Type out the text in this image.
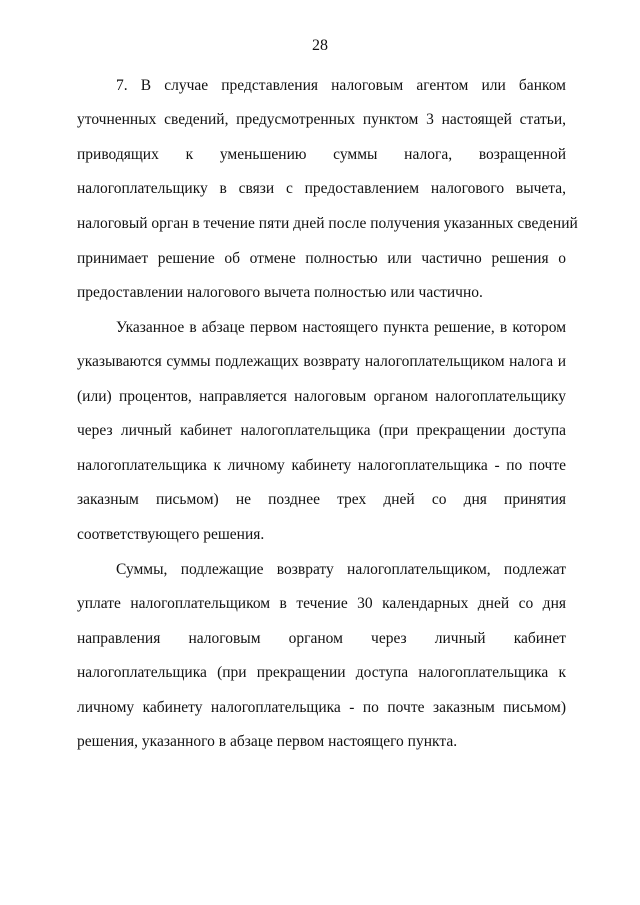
28
7. В случае представления налоговым агентом или банком
уточненных сведений, предусмотренных пунктом 3 настоящей статьи,
приводящих к уменьшению суммы налога, возращенной
налогоплательщику в связи с предоставлением налогового вычета,
налоговый орган в течение пяти дней после получения указанных сведений
принимает решение об отмене полностью или частично решения о
предоставлении налогового вычета полностью или частично.
Указанное в абзаце первом настоящего пункта решение, в котором
указываются суммы подлежащих возврату налогоплательщиком налога и
(или) процентов, направляется налоговым органом налогоплательщику
через личный кабинет налогоплательщика (при прекращении доступа
налогоплательщика к личному кабинету налогоплательщика - по почте
заказным письмом) не позднее трех дней со дня принятия
соответствующего решения.
Суммы, подлежащие возврату налогоплательщиком, подлежат
уплате налогоплательщиком в течение 30 календарных дней со дня
направления налоговым органом через личный кабинет
налогоплательщика (при прекращении доступа налогоплательщика к
личному кабинету налогоплательщика - по почте заказным письмом)
решения, указанного в абзаце первом настоящего пункта.
